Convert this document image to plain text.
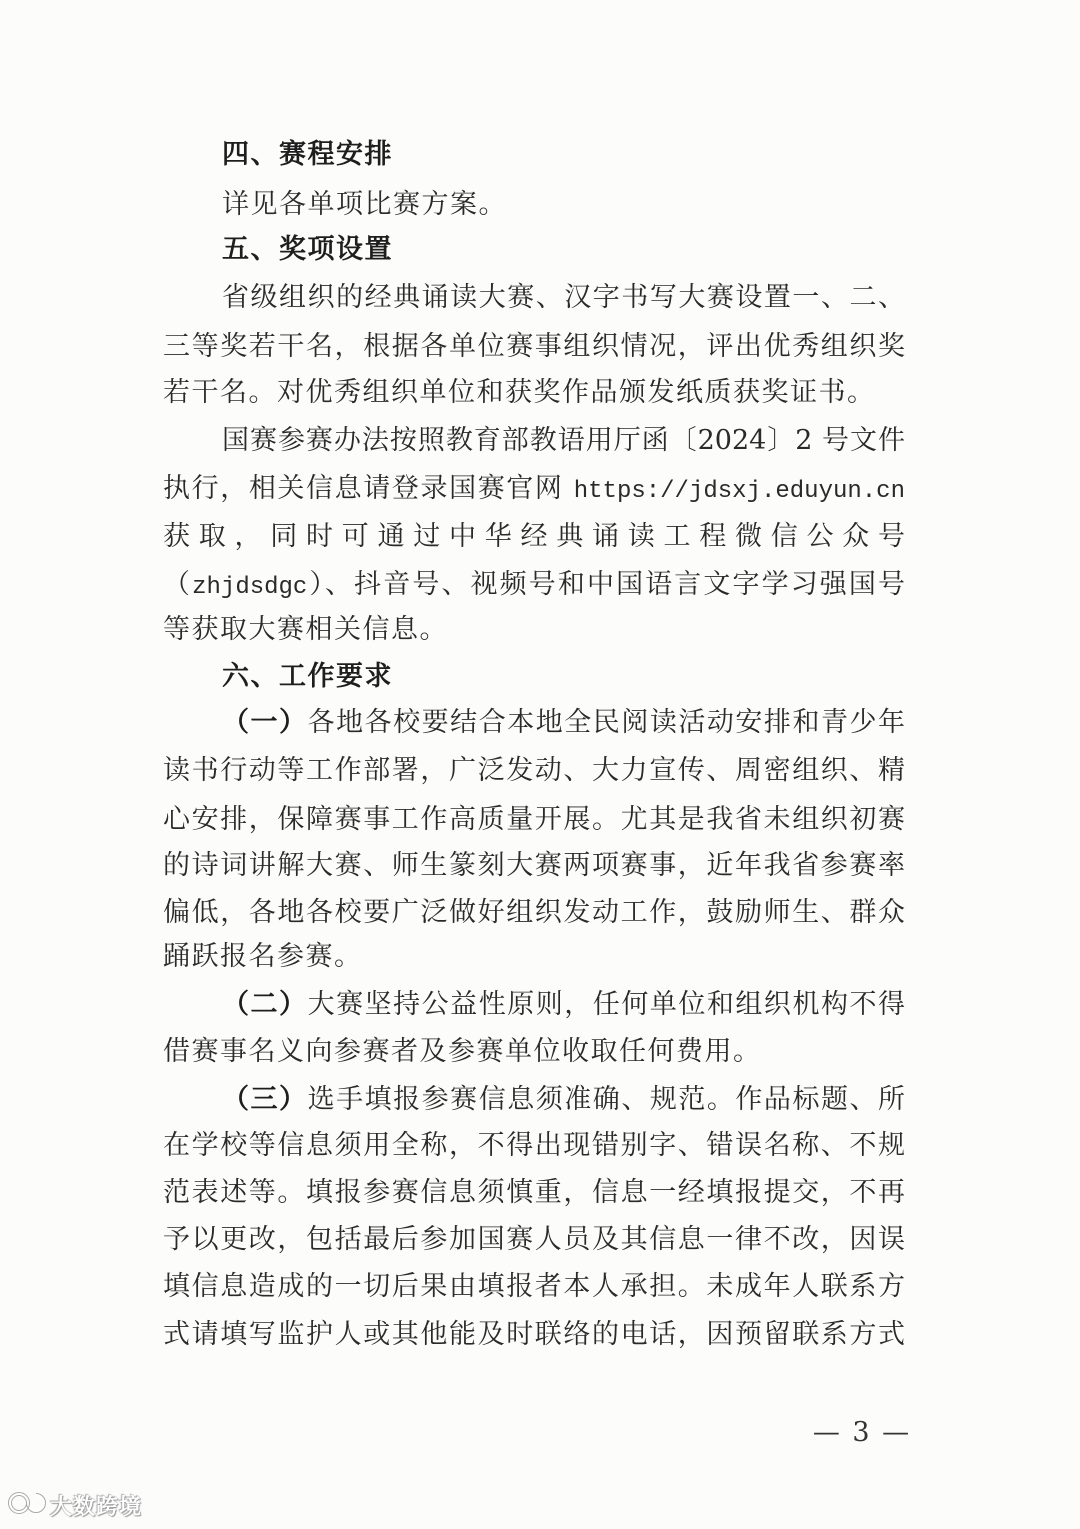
四、赛程安排
详见各单项比赛方案。
五、奖项设置
省级组织的经典诵读大赛、汉字书写大赛设置一、二、
三等奖若干名，根据各单位赛事组织情况，评出优秀组织奖
若干名。对优秀组织单位和获奖作品颁发纸质获奖证书。
国赛参赛办法按照教育部教语用厅函〔2024〕2 号文件
执行，相关信息请登录国赛官网 https://jdsxj.eduyun.cn
获取，同时可通过中华经典诵读工程微信公众号
（zhjdsdgc）、抖音号、视频号和中国语言文字学习强国号
等获取大赛相关信息。
六、工作要求
（一）各地各校要结合本地全民阅读活动安排和青少年
读书行动等工作部署，广泛发动、大力宣传、周密组织、精
心安排，保障赛事工作高质量开展。尤其是我省未组织初赛
的诗词讲解大赛、师生篆刻大赛两项赛事，近年我省参赛率
偏低，各地各校要广泛做好组织发动工作，鼓励师生、群众
踊跃报名参赛。
（二）大赛坚持公益性原则，任何单位和组织机构不得
借赛事名义向参赛者及参赛单位收取任何费用。
（三）选手填报参赛信息须准确、规范。作品标题、所
在学校等信息须用全称，不得出现错别字、错误名称、不规
范表述等。填报参赛信息须慎重，信息一经填报提交，不再
予以更改，包括最后参加国赛人员及其信息一律不改，因误
填信息造成的一切后果由填报者本人承担。未成年人联系方
式请填写监护人或其他能及时联络的电话，因预留联系方式
— 3 —
大数跨境
